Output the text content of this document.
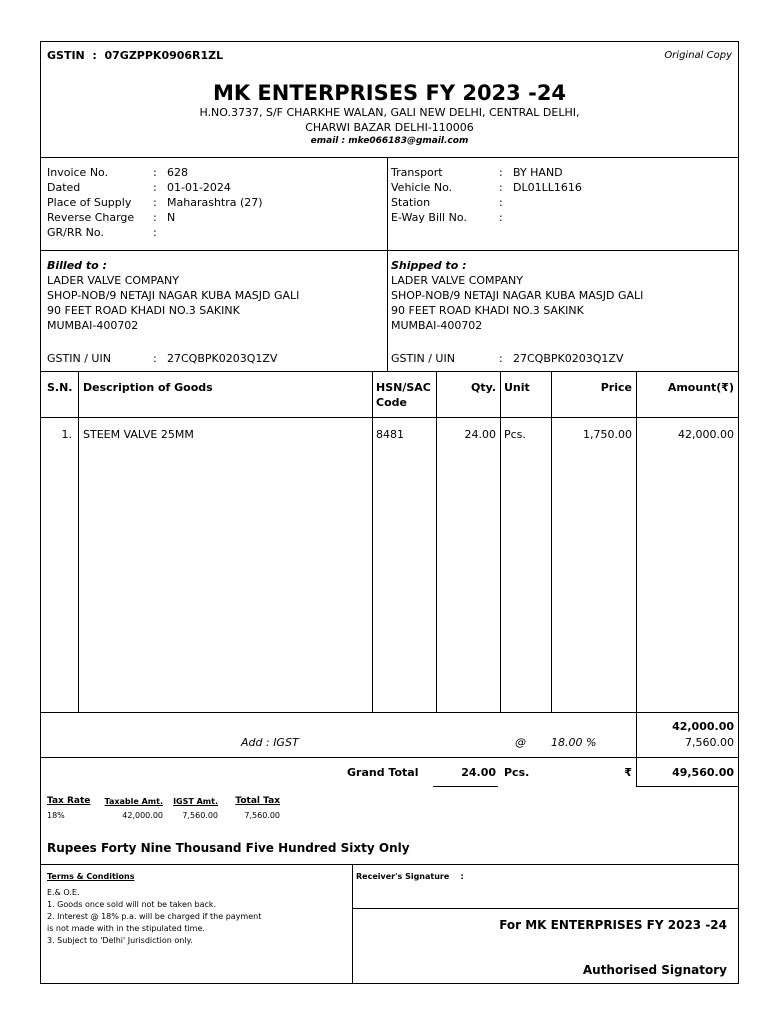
GSTIN  :  07GZPPK0906R1ZL	Original Copy
MK ENTERPRISES FY 2023 -24
H.NO.3737, S/F CHARKHE WALAN, GALI NEW DELHI, CENTRAL DELHI,
CHARWI BAZAR DELHI-110006
email : mke066183@gmail.com
Invoice No.	: 628
Dated	: 01-01-2024
Place of Supply : Maharashtra (27)
Reverse Charge : N
GR/RR No.	:
Transport	: BY HAND
Vehicle No.	: DL01LL1616
Station	:
E-Way Bill No.	:
Billed to :
LADER VALVE COMPANY
SHOP-NOB/9 NETAJI NAGAR KUBA MASJD GALI
90 FEET ROAD KHADI NO.3 SAKINK
MUMBAI-400702
GSTIN / UIN	: 27CQBPK0203Q1ZV
Shipped to :
LADER VALVE COMPANY
SHOP-NOB/9 NETAJI NAGAR KUBA MASJD GALI
90 FEET ROAD KHADI NO.3 SAKINK
MUMBAI-400702
GSTIN / UIN	: 27CQBPK0203Q1ZV
S.N. Description of Goods	HSN/SAC
Code
Qty. Unit	Price	Amount(₹)
1. STEEM VALVE 25MM	8481	24.00 Pcs.	1,750.00	42,000.00
42,000.00
Add : IGST	@ 18.00 %	7,560.00
Grand Total	24.00 Pcs.	₹	49,560.00
Tax Rate	Taxable Amt.	IGST Amt.	Total Tax
18%	42,000.00	7,560.00	7,560.00
Rupees Forty Nine Thousand Five Hundred Sixty Only
Terms & Conditions
E.& O.E.
1. Goods once sold will not be taken back.
2. Interest @ 18% p.a. will be charged if the payment
is not made with in the stipulated time.
3. Subject to 'Delhi' Jurisdiction only.
Receiver's Signature :
For MK ENTERPRISES FY 2023 -24
Authorised Signatory
